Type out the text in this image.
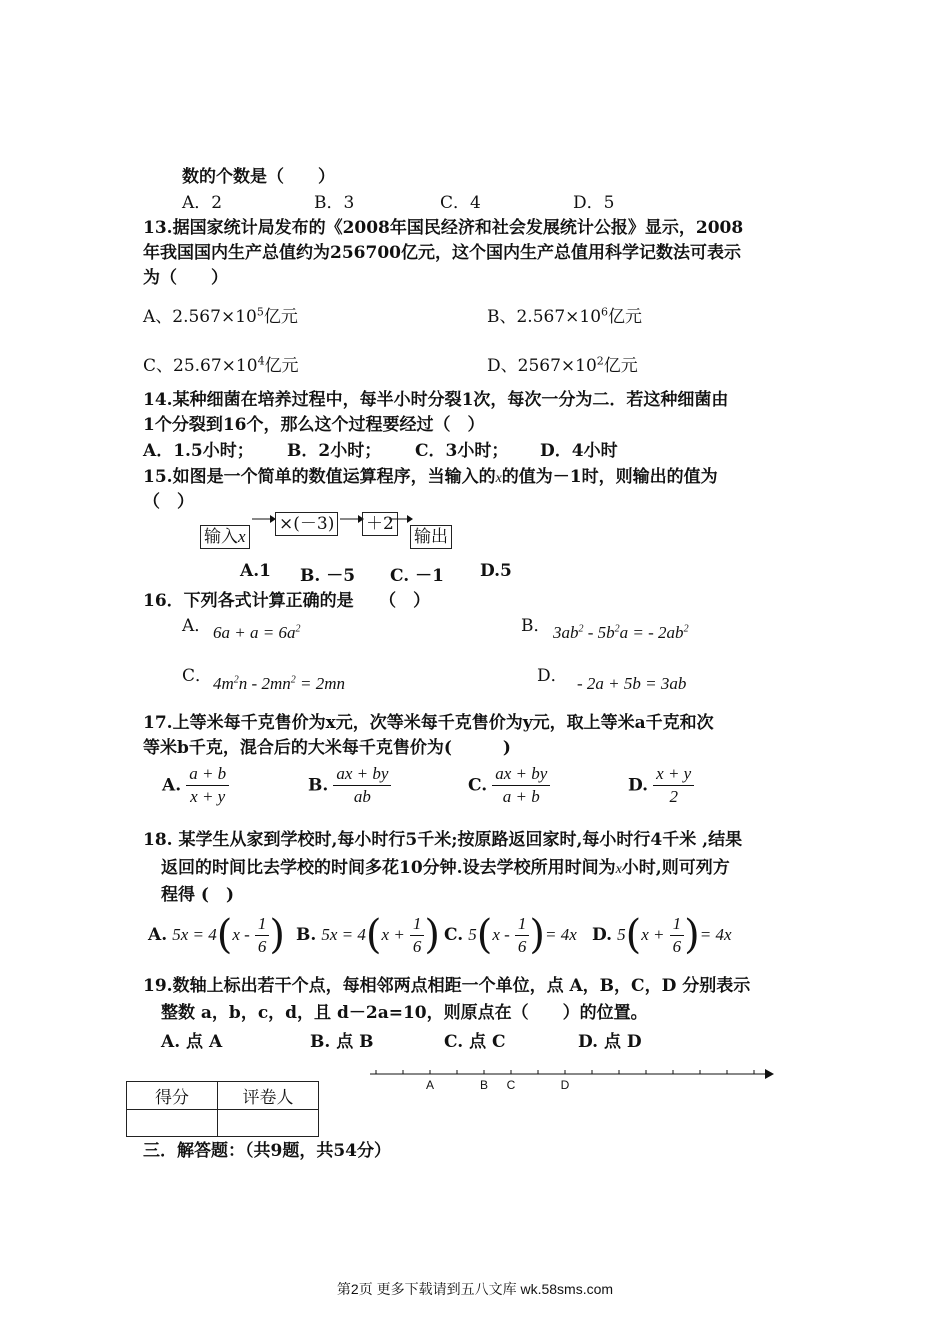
数的个数是（　　）
A．2	B．3	C．4	D．5
13.据国家统计局发布的《2008年国民经济和社会发展统计公报》显示，2008
年我国国内生产总值约为256700亿元，这个国内生产总值用科学记数法可表示
为（　　）
A、$2.567\times 10^5$亿元	B、$2.567\times 10^6$亿元
C、$25.67\times 10^4$亿元	D、$2567\times 10^2$亿元
14.某种细菌在培养过程中，每半小时分裂1次，每次一分为二．若这种细菌由
1个分裂到16个，那么这个过程要经过（　）
A．1.5小时； B．2小时； C．3小时； D．4小时
15.如图是一个简单的数值运算程序，当输入的x的值为－1时，则输出的值为
（　）
输入x
×(－3) ＋2
输出
A.1 B. －5 C. －1 D.5
16．下列各式计算正确的是　　（　）
A． $6a + a = 6a^2$	B． $3ab^2 - 5b^2a$ = - $2ab^2$
C． $4m^2n - 2mn^2 = 2mn$	D． - 2a + 5b = 3ab
17.上等米每千克售价为x元，次等米每千克售价为y元，取上等米a千克和次
等米b千克，混合后的大米每千克售价为(　　　)
A. $\frac{a + b}{x + y}$	B. $\frac{ax + by}{ab}$	C. $\frac{ax + by}{a + b}$	D. $\frac{x + y}{2}$
18. 某学生从家到学校时,每小时行5千米;按原路返回家时,每小时行4千米 ,结果
返回的时间比去学校的时间多花10分钟.设去学校所用时间为x小时,则可列方
程得 (　)
A. $5x = 4(x - \frac{1}{6}$ ) B. $5x = 4(x + \frac{1}{6}$ ) C. $5(x - \frac{1}{6}$ )= 4x D. $5(x + \frac{1}{6}$ )= 4x
19.数轴上标出若干个点，每相邻两点相距一个单位，点 A，B，C，D 分别表示
整数 a，b，c，d，且 d－2a=10，则原点在（　　）的位置。
A. 点 A	B. 点 B	C. 点 C	D. 点 D
A	B C	D
得分	评卷人

三．解答题：（共9题，共54分）
第2页 更多下载请到五八文库 wk.58sms.com
